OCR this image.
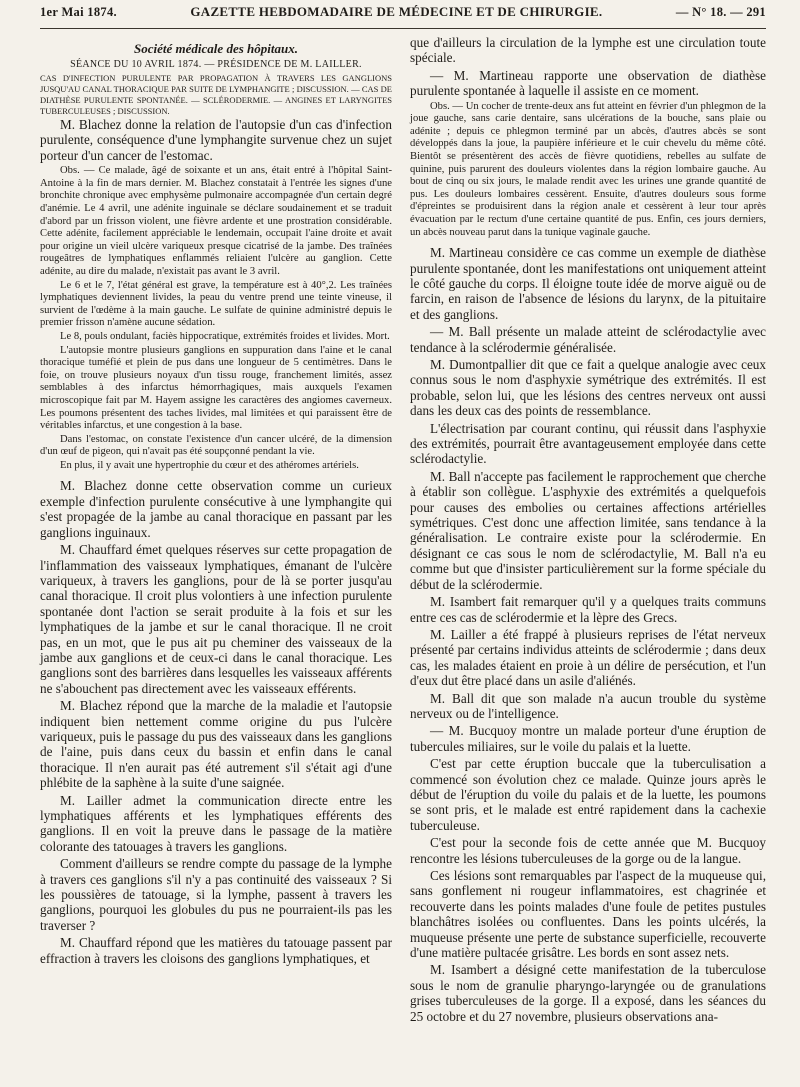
1er Mai 1874.	GAZETTE HEBDOMADAIRE DE MÉDECINE ET DE CHIRURGIE.	— N° 18. — 291
Société médicale des hôpitaux.
SÉANCE DU 10 AVRIL 1874. — PRÉSIDENCE DE M. LAILLER.

CAS D'INFECTION PURULENTE PAR PROPAGATION À TRAVERS LES GANGLIONS JUSQU'AU CANAL THORACIQUE PAR SUITE DE LYMPHANGITE ; DISCUSSION. — CAS DE DIATHÈSE PURULENTE SPONTANÉE. — SCLÉRODERMIE. — ANGINES ET LARYNGITES TUBERCULEUSES ; DISCUSSION.

M. Blachez donne la relation de l'autopsie d'un cas d'infection purulente, conséquence d'une lymphangite survenue chez un sujet porteur d'un cancer de l'estomac.

Obs. — Ce malade, âgé de soixante et un ans, était entré à l'hôpital Saint-Antoine à la fin de mars dernier. M. Blachez constatait à l'entrée les signes d'une bronchite chronique avec emphysème pulmonaire accompagnée d'un certain degré d'anémie. Le 4 avril, une adénite inguinale se déclare soudainement et se traduit d'abord par un frisson violent, une fièvre ardente et une prostration considérable. Cette adénite, facilement appréciable le lendemain, occupait l'aine droite et avait pour origine un vieil ulcère variqueux presque cicatrisé de la jambe. Des traînées rougeâtres de lymphatiques enflammés reliaient l'ulcère au ganglion. Cette adénite, au dire du malade, n'existait pas avant le 3 avril.

Le 6 et le 7, l'état général est grave, la température est à 40°,2. Les traînées lymphatiques deviennent livides, la peau du ventre prend une teinte vineuse, il survient de l'œdème à la main gauche. Le sulfate de quinine administré depuis le premier frisson n'amène aucune sédation.

Le 8, pouls ondulant, faciès hippocratique, extrémités froides et livides. Mort.

L'autopsie montre plusieurs ganglions en suppuration dans l'aine et le canal thoracique tuméfié et plein de pus dans une longueur de 5 centimètres. Dans le foie, on trouve plusieurs noyaux d'un tissu rouge, franchement limités, assez semblables à des infarctus hémorrhagiques, mais auxquels l'examen microscopique fait par M. Hayem assigne les caractères des angiomes caverneux. Les poumons présentent des taches livides, mal limitées et qui paraissent être de véritables infarctus, et une congestion à la base.

Dans l'estomac, on constate l'existence d'un cancer ulcéré, de la dimension d'un œuf de pigeon, qui n'avait pas été soupçonné pendant la vie.

En plus, il y avait une hypertrophie du cœur et des athéromes artériels.

M. Blachez donne cette observation comme un curieux exemple d'infection purulente consécutive à une lymphangite qui s'est propagée de la jambe au canal thoracique en passant par les ganglions inguinaux.

M. Chauffard émet quelques réserves sur cette propagation de l'inflammation des vaisseaux lymphatiques, émanant de l'ulcère variqueux, à travers les ganglions, pour de là se porter jusqu'au canal thoracique. Il croit plus volontiers à une infection purulente spontanée dont l'action se serait produite à la fois et sur les lymphatiques de la jambe et sur le canal thoracique. Il ne croit pas, en un mot, que le pus ait pu cheminer des vaisseaux de la jambe aux ganglions et de ceux-ci dans le canal thoracique. Les ganglions sont des barrières dans lesquelles les vaisseaux afférents ne s'abouchent pas directement avec les vaisseaux efférents.

M. Blachez répond que la marche de la maladie et l'autopsie indiquent bien nettement comme origine du pus l'ulcère variqueux, puis le passage du pus des vaisseaux dans les ganglions de l'aine, puis dans ceux du bassin et enfin dans le canal thoracique. Il n'en aurait pas été autrement s'il s'était agi d'une phlébite de la saphène à la suite d'une saignée.

M. Lailler admet la communication directe entre les lymphatiques afférents et les lymphatiques efférents des ganglions. Il en voit la preuve dans le passage de la matière colorante des tatouages à travers les ganglions.

Comment d'ailleurs se rendre compte du passage de la lymphe à travers ces ganglions s'il n'y a pas continuité des vaisseaux ? Si les poussières de tatouage, si la lymphe, passent à travers les ganglions, pourquoi les globules du pus ne pourraient-ils pas les traverser ?

M. Chauffard répond que les matières du tatouage passent par effraction à travers les cloisons des ganglions lymphatiques, et

que d'ailleurs la circulation de la lymphe est une circulation toute spéciale.

— M. Martineau rapporte une observation de diathèse purulente spontanée à laquelle il assiste en ce moment.

Obs. — Un cocher de trente-deux ans fut atteint en février d'un phlegmon de la joue gauche, sans carie dentaire, sans ulcérations de la bouche, sans plaie ou adénite ; depuis ce phlegmon terminé par un abcès, d'autres abcès se sont développés dans la joue, la paupière inférieure et le cuir chevelu du même côté. Bientôt se présentèrent des accès de fièvre quotidiens, rebelles au sulfate de quinine, puis parurent des douleurs violentes dans la région lombaire gauche. Au bout de cinq ou six jours, le malade rendit avec les urines une grande quantité de pus. Les douleurs lombaires cessèrent. Ensuite, d'autres douleurs sous forme d'épreintes se produisirent dans la région anale et cessèrent à leur tour après évacuation par le rectum d'une certaine quantité de pus. Enfin, ces jours derniers, un abcès nouveau parut dans la tunique vaginale gauche.

M. Martineau considère ce cas comme un exemple de diathèse purulente spontanée, dont les manifestations ont uniquement atteint le côté gauche du corps. Il éloigne toute idée de morve aiguë ou de farcin, en raison de l'absence de lésions du larynx, de la pituitaire et des ganglions.

— M. Ball présente un malade atteint de sclérodactylie avec tendance à la sclérodermie généralisée.

M. Dumontpallier dit que ce fait a quelque analogie avec ceux connus sous le nom d'asphyxie symétrique des extrémités. Il est probable, selon lui, que les lésions des centres nerveux ont aussi dans les deux cas des points de ressemblance.

L'électrisation par courant continu, qui réussit dans l'asphyxie des extrémités, pourrait être avantageusement employée dans cette sclérodactylie.

M. Ball n'accepte pas facilement le rapprochement que cherche à établir son collègue. L'asphyxie des extrémités a quelquefois pour causes des embolies ou certaines affections artérielles symétriques. C'est donc une affection limitée, sans tendance à la généralisation. Le contraire existe pour la sclérodermie. En désignant ce cas sous le nom de sclérodactylie, M. Ball n'a eu comme but que d'insister particulièrement sur la forme spéciale du début de la sclérodermie.

M. Isambert fait remarquer qu'il y a quelques traits communs entre ces cas de sclérodermie et la lèpre des Grecs.

M. Lailler a été frappé à plusieurs reprises de l'état nerveux présenté par certains individus atteints de sclérodermie ; dans deux cas, les malades étaient en proie à un délire de persécution, et l'un d'eux dut être placé dans un asile d'aliénés.

M. Ball dit que son malade n'a aucun trouble du système nerveux ou de l'intelligence.

— M. Bucquoy montre un malade porteur d'une éruption de tubercules miliaires, sur le voile du palais et la luette.

C'est par cette éruption buccale que la tuberculisation a commencé son évolution chez ce malade. Quinze jours après le début de l'éruption du voile du palais et de la luette, les poumons se sont pris, et le malade est entré rapidement dans la cachexie tuberculeuse.

C'est pour la seconde fois de cette année que M. Bucquoy rencontre les lésions tuberculeuses de la gorge ou de la langue.

Ces lésions sont remarquables par l'aspect de la muqueuse qui, sans gonflement ni rougeur inflammatoires, est chagrinée et recouverte dans les points malades d'une foule de petites pustules blanchâtres isolées ou confluentes. Dans les points ulcérés, la muqueuse présente une perte de substance superficielle, recouverte d'une matière pultacée grisâtre. Les bords en sont assez nets.

M. Isambert a désigné cette manifestation de la tuberculose sous le nom de granulie pharyngo-laryngée ou de granulations grises tuberculeuses de la gorge. Il a exposé, dans les séances du 25 octobre et du 27 novembre, plusieurs observations ana-
